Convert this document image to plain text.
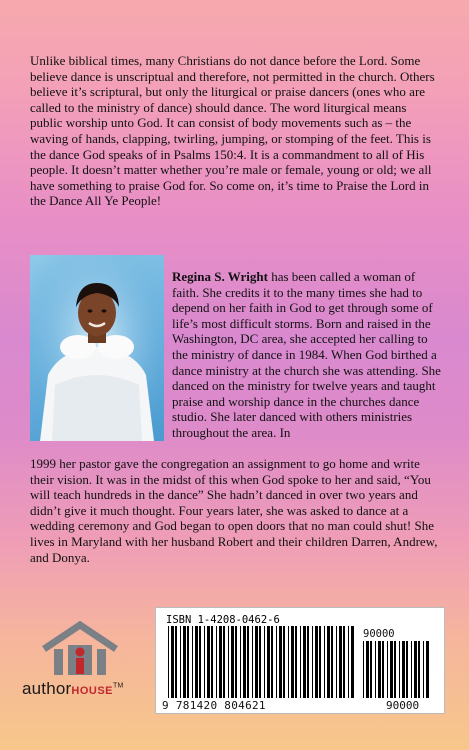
Unlike biblical times, many Christians do not dance before the Lord. Some believe dance is unscriptual and therefore, not permitted in the church. Others believe it’s scriptural, but only the liturgical or praise dancers (ones who are called to the ministry of dance) should dance. The word liturgical means public worship unto God. It can consist of body movements such as – the waving of hands, clapping, twirling, jumping, or stomping of the feet. This is the dance God speaks of in Psalms 150:4. It is a commandment to all of His people. It doesn’t matter whether you’re male or female, young or old; we all have something to praise God for. So come on, it’s time to Praise the Lord in the Dance All Ye People!

Regina S. Wright has been called a woman of faith. She credits it to the many times she had to depend on her faith in God to get through some of life’s most difficult storms. Born and raised in the Washington, DC area, she accepted her calling to the ministry of dance in 1984. When God birthed a dance ministry at the church she was attending. She danced on the ministry for twelve years and taught praise and worship dance in the churches dance studio. She later danced with others ministries throughout the area. In

1999 her pastor gave the congregation an assignment to go home and write their vision. It was in the midst of this when God spoke to her and said, “You will teach hundreds in the dance” She hadn’t danced in over two years and didn’t give it much thought. Four years later, she was asked to dance at a wedding ceremony and God began to open doors that no man could shut! She lives in Maryland with her husband Robert and their children Darren, Andrew, and Donya.

authorHOUSE™
ISBN 1-4208-0462-6
90000
9 781420 804621	90000
